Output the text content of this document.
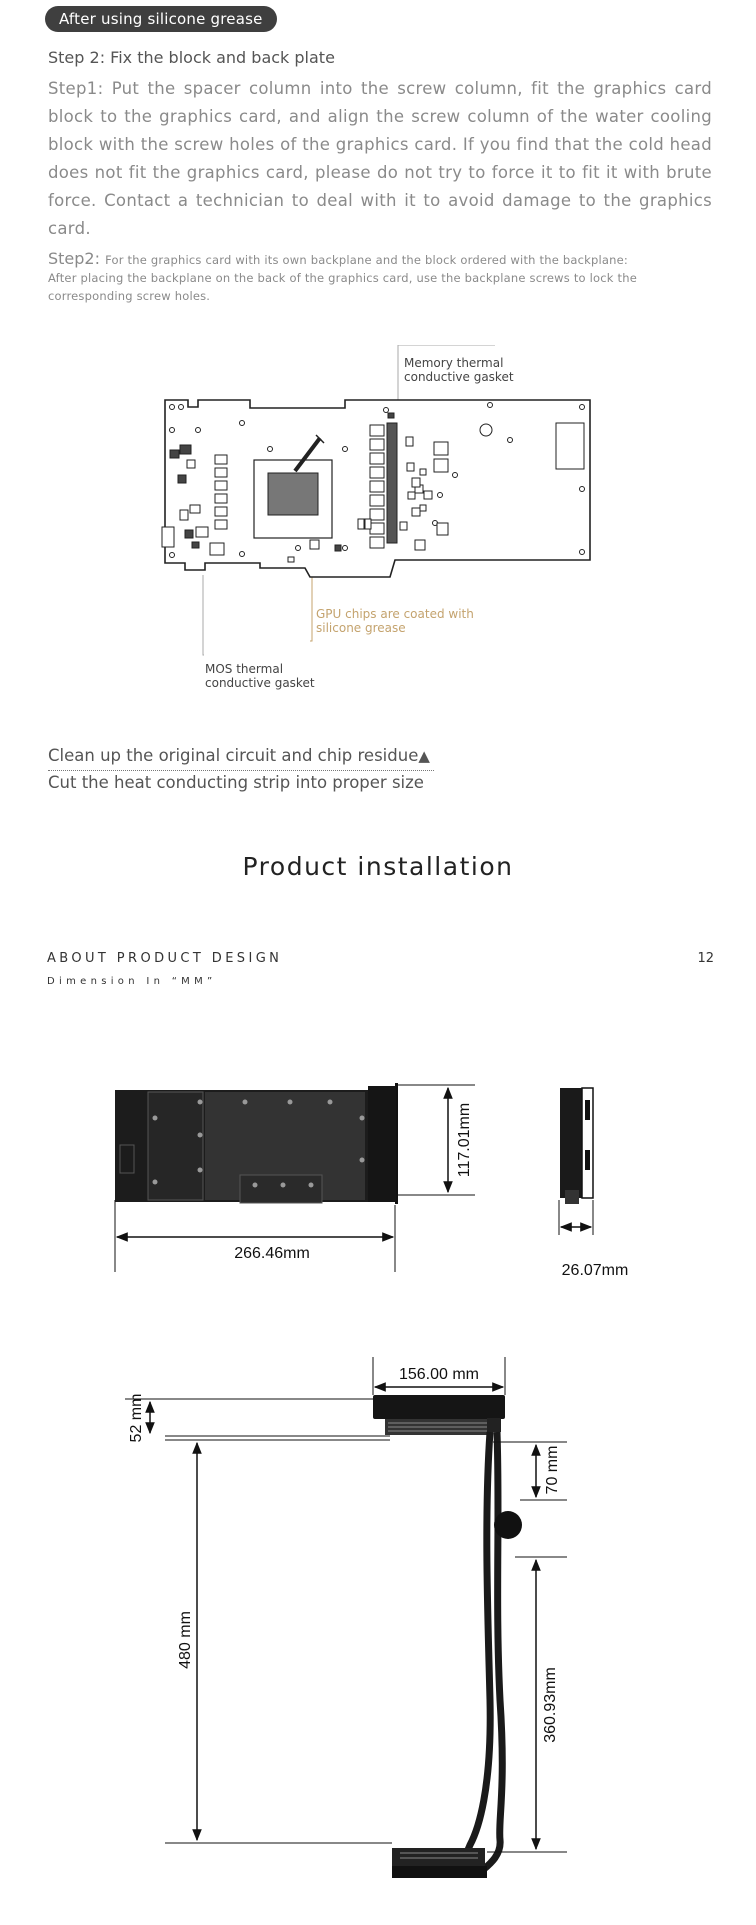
After using silicone grease
Step 2: Fix the block and back plate
Step1: Put the spacer column into the screw column, fit the graphics card block to the graphics card, and align the screw column of the water cooling block with the screw holes of the graphics card. If you find that the cold head does not fit the graphics card, please do not try to force it to fit it with brute force. Contact a technician to deal with it to avoid damage to the graphics card.
Step2: For the graphics card with its own backplane and the block ordered with the backplane:
After placing the backplane on the back of the graphics card, use the backplane screws to lock the corresponding screw holes.
Memory thermal conductive gasket
GPU chips are coated with silicone grease
MOS thermal conductive gasket
Clean up the original circuit and chip residue▲
Cut the heat conducting strip into proper size
Product installation
ABOUT PRODUCT DESIGN	12
Dimension In “MM”
266.46mm
117.01mm
26.07mm
156.00 mm
52 mm
480 mm
70 mm
360.93mm
